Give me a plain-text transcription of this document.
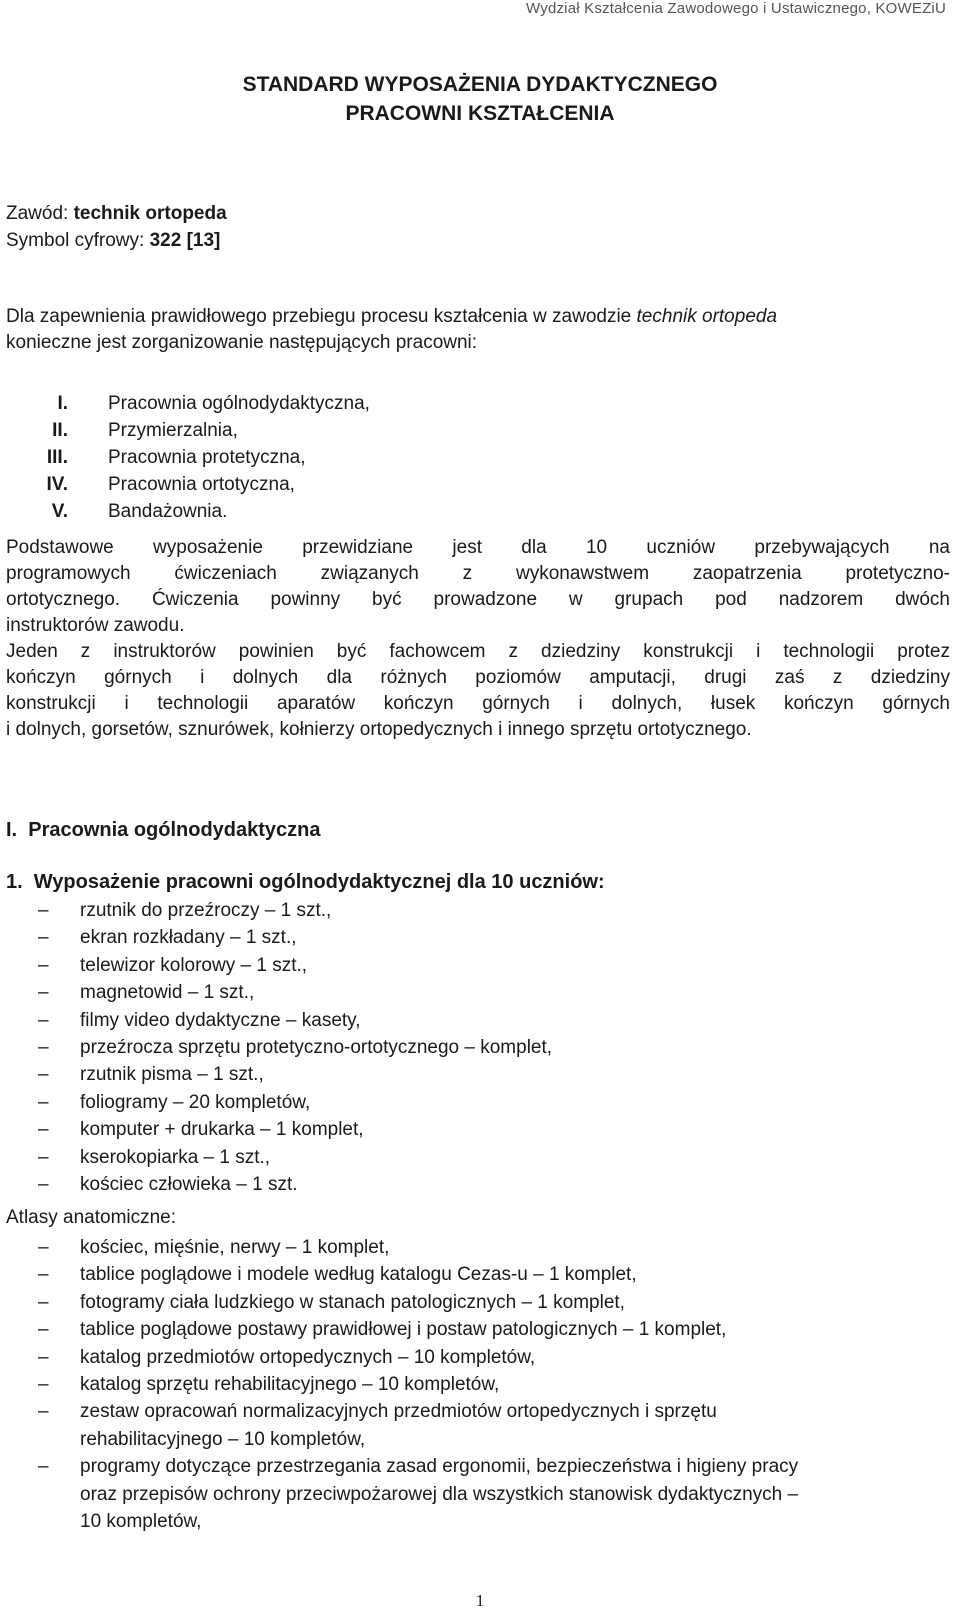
Wydział Kształcenia Zawodowego i Ustawicznego, KOWEZiU
STANDARD WYPOSAŻENIA DYDAKTYCZNEGO
PRACOWNI KSZTAŁCENIA
Zawód: technik ortopeda
Symbol cyfrowy: 322 [13]
Dla zapewnienia prawidłowego przebiegu procesu kształcenia w zawodzie technik ortopeda
konieczne jest zorganizowanie następujących pracowni:
I.	Pracownia ogólnodydaktyczna,
II.	Przymierzalnia,
III.	Pracownia protetyczna,
IV.	Pracownia ortotyczna,
V.	Bandażownia.
Podstawowe wyposażenie przewidziane jest dla 10 uczniów przebywających na
programowych ćwiczeniach związanych z wykonawstwem zaopatrzenia protetyczno-
ortotycznego. Ćwiczenia powinny być prowadzone w grupach pod nadzorem dwóch
instruktorów zawodu.
Jeden z instruktorów powinien być fachowcem z dziedziny konstrukcji i technologii protez
kończyn górnych i dolnych dla różnych poziomów amputacji, drugi zaś z dziedziny
konstrukcji i technologii aparatów kończyn górnych i dolnych, łusek kończyn górnych
i dolnych, gorsetów, sznurówek, kołnierzy ortopedycznych i innego sprzętu ortotycznego.
I.  Pracownia ogólnodydaktyczna
1.  Wyposażenie pracowni ogólnodydaktycznej dla 10 uczniów:
–	rzutnik do przeźroczy – 1 szt.,
–	ekran rozkładany – 1 szt.,
–	telewizor kolorowy – 1 szt.,
–	magnetowid – 1 szt.,
–	filmy video dydaktyczne – kasety,
–	przeźrocza sprzętu protetyczno-ortotycznego – komplet,
–	rzutnik pisma – 1 szt.,
–	foliogramy – 20 kompletów,
–	komputer + drukarka – 1 komplet,
–	kserokopiarka – 1 szt.,
–	kościec człowieka – 1 szt.
Atlasy anatomiczne:
–	kościec, mięśnie, nerwy – 1 komplet,
–	tablice poglądowe i modele według katalogu Cezas-u – 1 komplet,
–	fotogramy ciała ludzkiego w stanach patologicznych – 1 komplet,
–	tablice poglądowe postawy prawidłowej i postaw patologicznych – 1 komplet,
–	katalog przedmiotów ortopedycznych – 10 kompletów,
–	katalog sprzętu rehabilitacyjnego – 10 kompletów,
–	zestaw opracowań normalizacyjnych przedmiotów ortopedycznych i sprzętu
rehabilitacyjnego – 10 kompletów,
–	programy dotyczące przestrzegania zasad ergonomii, bezpieczeństwa i higieny pracy
oraz przepisów ochrony przeciwpożarowej dla wszystkich stanowisk dydaktycznych –
10 kompletów,
1
